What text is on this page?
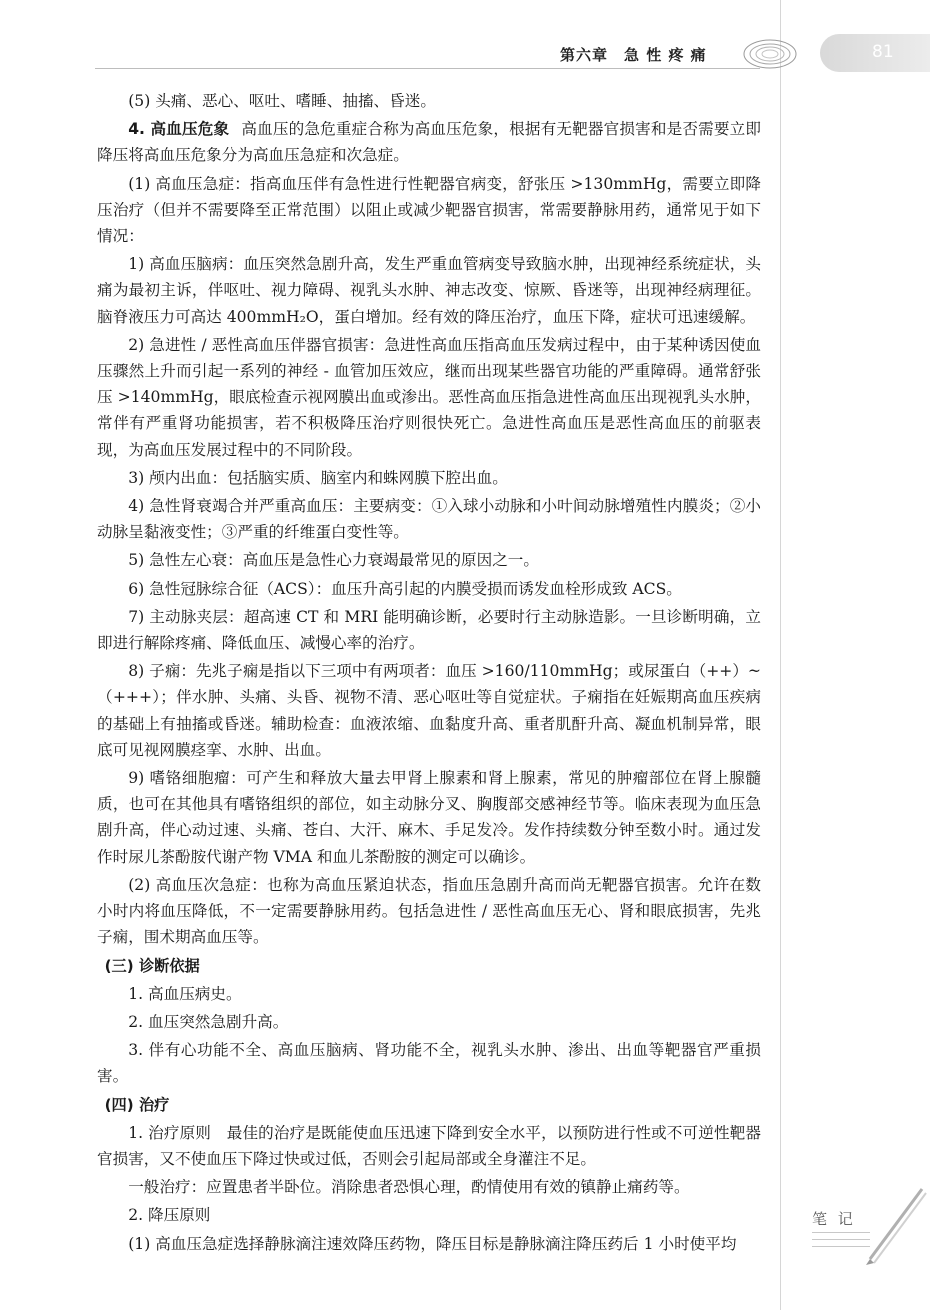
第六章　急 性 疼 痛	81

(5) 头痛、恶心、呕吐、嗜睡、抽搐、昏迷。

4. 高血压危象 高血压的急危重症合称为高血压危象，根据有无靶器官损害和是否需要立即降压将高血压危象分为高血压急症和次急症。

(1) 高血压急症：指高血压伴有急性进行性靶器官病变，舒张压 >130mmHg，需要立即降压治疗（但并不需要降至正常范围）以阻止或减少靶器官损害，常需要静脉用药，通常见于如下情况：

1) 高血压脑病：血压突然急剧升高，发生严重血管病变导致脑水肿，出现神经系统症状，头痛为最初主诉，伴呕吐、视力障碍、视乳头水肿、神志改变、惊厥、昏迷等，出现神经病理征。脑脊液压力可高达 400mmH₂O，蛋白增加。经有效的降压治疗，血压下降，症状可迅速缓解。

2) 急进性 / 恶性高血压伴器官损害：急进性高血压指高血压发病过程中，由于某种诱因使血压骤然上升而引起一系列的神经 - 血管加压效应，继而出现某些器官功能的严重障碍。通常舒张压 >140mmHg，眼底检查示视网膜出血或渗出。恶性高血压指急进性高血压出现视乳头水肿，常伴有严重肾功能损害，若不积极降压治疗则很快死亡。急进性高血压是恶性高血压的前驱表现，为高血压发展过程中的不同阶段。

3) 颅内出血：包括脑实质、脑室内和蛛网膜下腔出血。

4) 急性肾衰竭合并严重高血压：主要病变：①入球小动脉和小叶间动脉增殖性内膜炎；②小动脉呈黏液变性；③严重的纤维蛋白变性等。

5) 急性左心衰：高血压是急性心力衰竭最常见的原因之一。

6) 急性冠脉综合征（ACS）：血压升高引起的内膜受损而诱发血栓形成致 ACS。

7) 主动脉夹层：超高速 CT 和 MRI 能明确诊断，必要时行主动脉造影。一旦诊断明确，立即进行解除疼痛、降低血压、减慢心率的治疗。

8) 子痫：先兆子痫是指以下三项中有两项者：血压 >160/110mmHg；或尿蛋白（++）~（+++）；伴水肿、头痛、头昏、视物不清、恶心呕吐等自觉症状。子痫指在妊娠期高血压疾病的基础上有抽搐或昏迷。辅助检查：血液浓缩、血黏度升高、重者肌酐升高、凝血机制异常，眼底可见视网膜痉挛、水肿、出血。

9) 嗜铬细胞瘤：可产生和释放大量去甲肾上腺素和肾上腺素，常见的肿瘤部位在肾上腺髓质，也可在其他具有嗜铬组织的部位，如主动脉分叉、胸腹部交感神经节等。临床表现为血压急剧升高，伴心动过速、头痛、苍白、大汗、麻木、手足发冷。发作持续数分钟至数小时。通过发作时尿儿茶酚胺代谢产物 VMA 和血儿茶酚胺的测定可以确诊。

(2) 高血压次急症：也称为高血压紧迫状态，指血压急剧升高而尚无靶器官损害。允许在数小时内将血压降低，不一定需要静脉用药。包括急进性 / 恶性高血压无心、肾和眼底损害，先兆子痫，围术期高血压等。

(三) 诊断依据

1. 高血压病史。

2. 血压突然急剧升高。

3. 伴有心功能不全、高血压脑病、肾功能不全，视乳头水肿、渗出、出血等靶器官严重损害。

(四) 治疗

1. 治疗原则　最佳的治疗是既能使血压迅速下降到安全水平，以预防进行性或不可逆性靶器官损害，又不使血压下降过快或过低，否则会引起局部或全身灌注不足。

一般治疗：应置患者半卧位。消除患者恐惧心理，酌情使用有效的镇静止痛药等。

2. 降压原则

(1) 高血压急症选择静脉滴注速效降压药物，降压目标是静脉滴注降压药后 1 小时使平均

笔 记
